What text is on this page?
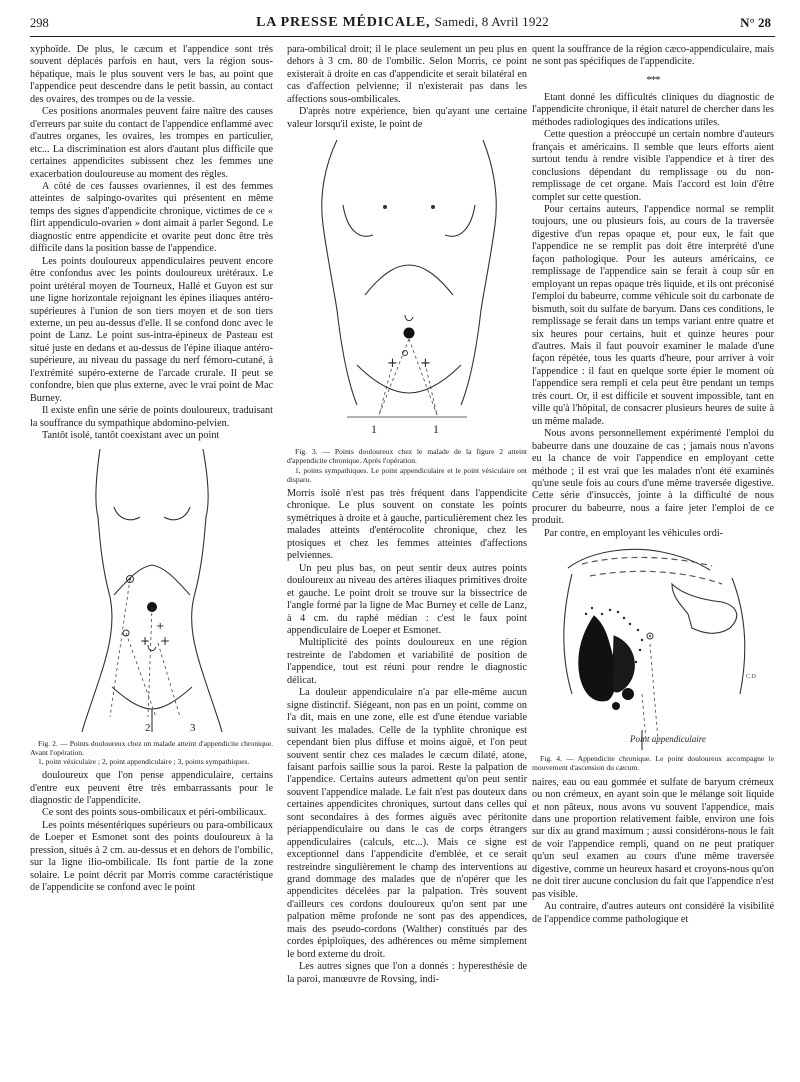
298	LA PRESSE MÉDICALE, Samedi, 8 Avril 1922	N° 28

xyphoïde. De plus, le cæcum et l'appendice sont très souvent déplacés parfois en haut, vers la région sous-hépatique, mais le plus souvent vers le bas, au point que l'appendice peut descendre dans le petit bassin, au contact des ovaires, des trompes ou de la vessie.

Ces positions anormales peuvent faire naître des causes d'erreurs par suite du contact de l'appendice enflammé avec d'autres organes, les ovaires, les trompes en particulier, etc... La discrimination est alors d'autant plus difficile que certaines appendicites subissent chez les femmes une exacerbation douloureuse au moment des règles.

A côté de ces fausses ovariennes, il est des femmes atteintes de salpingo-ovarites qui présentent en même temps des signes d'appendicite chronique, victimes de ce « flirt appendiculo-ovarien » dont aimait à parler Segond. Le diagnostic entre appendicite et ovarite peut donc être très difficile dans la position basse de l'appendice.

Les points douloureux appendiculaires peuvent encore être confondus avec les points douloureux urétéraux. Le point urétéral moyen de Tourneux, Hallé et Guyon est sur une ligne horizontale rejoignant les épines iliaques antéro-supérieures à l'union de son tiers moyen et de son tiers externe, un peu au-dessus d'elle. Il se confond donc avec le point de Lanz. Le point sus-intra-épineux de Pasteau est situé juste en dedans et au-dessus de l'épine iliaque antéro-supérieure, au niveau du passage du nerf fémoro-cutané, à l'extrémité supéro-externe de l'arcade crurale. Il peut se confondre, bien que plus externe, avec le vrai point de Mac Burney.

Il existe enfin une série de points douloureux, traduisant la souffrance du sympathique abdomino-pelvien.

Tantôt isolé, tantôt coexistant avec un point

+
+ +
2	3
Fig. 2. — Points douloureux chez un malade atteint d'appendicite chronique. Avant l'opération.
1, point vésiculaire ; 2, point appendiculaire ; 3, points sympathiques.

douloureux que l'on pense appendiculaire, certains d'entre eux peuvent être très embarrassants pour le diagnostic de l'appendicite.

Ce sont des points sous-ombilicaux et péri-ombilicaux.

Les points mésentériques supérieurs ou para-ombilicaux de Loeper et Esmonet sont des points douloureux à la pression, situés à 2 cm. au-dessus et en dehors de l'ombilic, sur la ligne ilio-ombilicale. Ils font partie de la zone solaire. Le point décrit par Morris comme caractéristique de l'appendicite se confond avec le point

para-ombilical droit; il le place seulement un peu plus en dehors à 3 cm. 80 de l'ombilic. Selon Morris, ce point existerait à droite en cas d'appendicite et serait bilatéral en cas d'affection pelvienne; il n'existerait pas dans les affections sous-ombilicales.

D'après notre expérience, bien qu'ayant une certaine valeur lorsqu'il existe, le point de

+ +
1	1
Fig. 3. — Points douloureux chez le malade de la figure 2 atteint d'appendicite chronique. Après l'opération.
1, points sympathiques. Le point appendiculaire et le point vésiculaire ont disparu.

Morris isolé n'est pas très fréquent dans l'appendicite chronique. Le plus souvent on constate les points symétriques à droite et à gauche, particulièrement chez les malades atteints d'entérocolite chronique, chez les ptosiques et chez les femmes atteintes d'affections pelviennes.

Un peu plus bas, on peut sentir deux autres points douloureux au niveau des artères iliaques primitives droite et gauche. Le point droit se trouve sur la bissectrice de l'angle formé par la ligne de Mac Burney et celle de Lanz, à 4 cm. du raphé médian : c'est le faux point appendiculaire de Loeper et Esmonet.

Multiplicité des points douloureux en une région restreinte de l'abdomen et variabilité de position de l'appendice, tout est réuni pour rendre le diagnostic délicat.

La douleur appendiculaire n'a par elle-même aucun signe distinctif. Siégeant, non pas en un point, comme on l'a dit, mais en une zone, elle est d'une étendue variable suivant les malades. Celle de la typhlite chronique est cependant bien plus diffuse et moins aiguë, et l'on peut souvent sentir chez ces malades le cæcum dilaté, atone, faisant parfois saillie sous la paroi. Reste la palpation de l'appendice. Certains auteurs admettent qu'on peut sentir souvent l'appendice malade. Le fait n'est pas douteux dans certaines appendicites chroniques, surtout dans celles qui sont secondaires à des formes aiguës avec péritonite périappendiculaire ou dans le cas de corps étrangers appendiculaires (calculs, etc...). Mais ce signe est exceptionnel dans l'appendicite d'emblée, et ce serait restreindre singulièrement le champ des interventions au grand dommage des malades que de n'opérer que les appendicites décelées par la palpation. Très souvent d'ailleurs ces cordons douloureux qu'on sent par une palpation même profonde ne sont pas des appendices, mais des pseudo-cordons (Walther) constitués par des cordes épiploïques, des adhérences ou même simplement le bord externe du droit.

Les autres signes que l'on a donnés : hyperesthésie de la paroi, manœuvre de Rovsing, indi-

quent la souffrance de la région cæco-appendiculaire, mais ne sont pas spécifiques de l'appendicite.

***

Etant donné les difficultés cliniques du diagnostic de l'appendicite chronique, il était naturel de chercher dans les méthodes radiologiques des indications utiles.

Cette question a préoccupé un certain nombre d'auteurs français et américains. Il semble que leurs efforts aient surtout tendu à rendre visible l'appendice et à tirer des conclusions dépendant du remplissage ou du non-remplissage de cet organe. Mais l'accord est loin d'être complet sur cette question.

Pour certains auteurs, l'appendice normal se remplit toujours, une ou plusieurs fois, au cours de la traversée digestive d'un repas opaque et, pour eux, le fait que l'appendice ne se remplit pas doit être interprété d'une façon pathologique. Pour les auteurs américains, ce remplissage de l'appendice sain se ferait à coup sûr en employant un repas opaque très liquide, et ils ont préconisé l'emploi du babeurre, comme véhicule soit du carbonate de bismuth, soit du sulfate de baryum. Dans ces conditions, le remplissage se ferait dans un temps variant entre quatre et six heures pour certains, huit et quinze heures pour d'autres. Mais il faut pouvoir examiner le malade d'une façon répétée, tous les quarts d'heure, pour arriver à voir l'appendice : il faut en quelque sorte épier le moment où l'appendice sera rempli et cela peut être pendant un temps très court. Or, il est difficile et souvent impossible, tant en ville qu'à l'hôpital, de consacrer plusieurs heures de suite à un même malade.

Nous avons personnellement expérimenté l'emploi du babeurre dans une douzaine de cas ; jamais nous n'avons eu la chance de voir l'appendice en employant cette méthode ; il est vrai que les malades n'ont été examinés qu'une seule fois au cours d'une même traversée digestive. Cette série d'insuccès, jointe à la difficulté de nous procurer du babeurre, nous a faire jeter l'emploi de ce produit.

Par contre, en employant les véhicules ordi-

Point appendiculaire
C.D
Fig. 4. — Appendicite chronique. Le point douloureux accompagne le mouvement d'ascension du cæcum.

naires, eau ou eau gommée et sulfate de baryum crémeux ou non crémeux, en ayant soin que le mélange soit liquide et non pâteux, nous avons vu souvent l'appendice, mais dans une proportion relativement faible, environ une fois sur dix au grand maximum ; aussi considérons-nous le fait de voir l'appendice rempli, quand on ne peut pratiquer qu'un seul examen au cours d'une même traversée digestive, comme un heureux hasard et croyons-nous qu'on ne doit tirer aucune conclusion du fait que l'appendice n'est pas visible.

Au contraire, d'autres auteurs ont considéré la visibilité de l'appendice comme pathologique et
